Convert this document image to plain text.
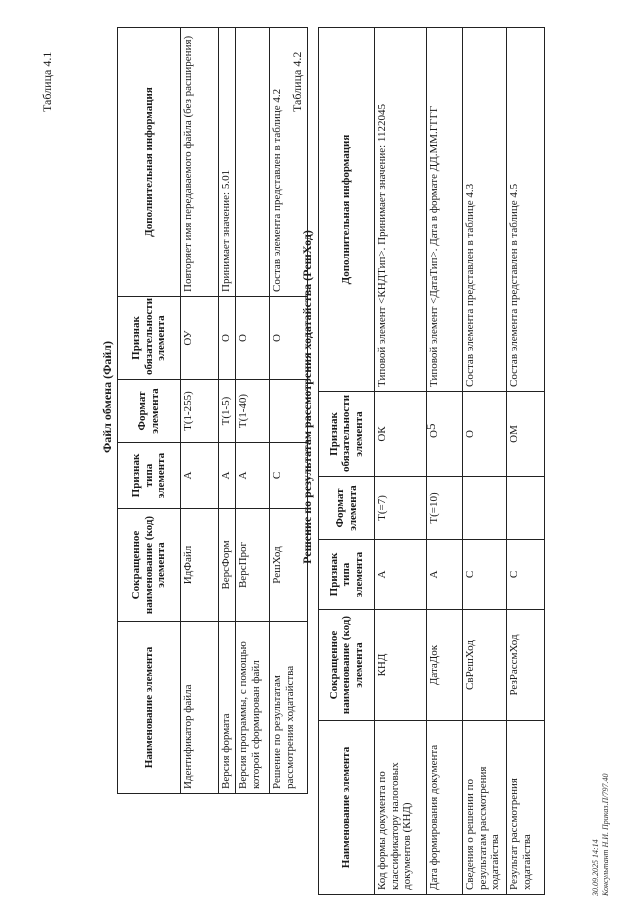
5
Таблица 4.1
Файл обмена (Файл)
Наименование элемента	Сокращенное наименование (код) элемента	Признак типа элемента	Формат элемента	Признак обязательности элемента	Дополнительная информация
Идентификатор файла	ИдФайл	А	Т(1-255)	ОУ	Повторяет имя передаваемого файла (без расширения)
Версия формата	ВерсФорм	А	Т(1-5)	О	Принимает значение: 5.01
Версия программы, с помощью которой сформирован файл	ВерсПрог	А	Т(1-40)	О	
Решение по результатам рассмотрения ходатайства	РешХод	С		О	Состав элемента представлен в таблице 4.2
Таблица 4.2
Решение по результатам рассмотрения ходатайства (РешХод)
Наименование элемента	Сокращенное наименование (код) элемента	Признак типа элемента	Формат элемента	Признак обязательности элемента	Дополнительная информация
Код формы документа по классификатору налоговых документов (КНД)	КНД	А	Т(=7)	ОК	Типовой элемент <КНДТип>. Принимает значение: 1122045
Дата формирования документа	ДатаДок	А	Т(=10)	О	Типовой элемент <ДатаТип>. Дата в формате ДД.ММ.ГГГГ
Сведения о решении по результатам рассмотрения ходатайства	СвРешХод	С		О	Состав элемента представлен в таблице 4.3
Результат рассмотрения ходатайства	РезРассмХод	С		ОМ	Состав элемента представлен в таблице 4.5
30.09.2025 14:14 Консультант Н.И. Приказ.П/797.40
